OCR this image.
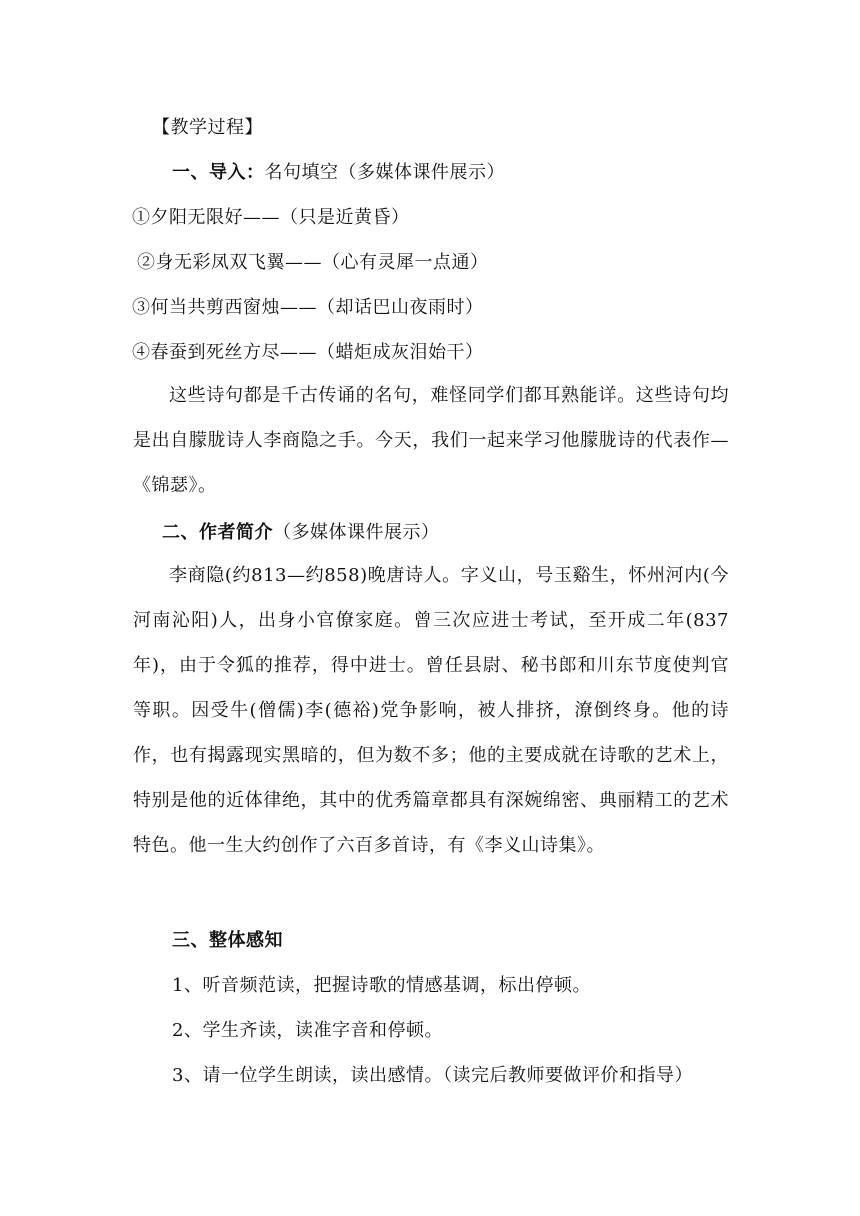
【教学过程】
一、导入：名句填空（多媒体课件展示）
①夕阳无限好——（只是近黄昏）
②身无彩凤双飞翼——（心有灵犀一点通）
③何当共剪西窗烛——（却话巴山夜雨时）
④春蚕到死丝方尽——（蜡炬成灰泪始干）
这些诗句都是千古传诵的名句，难怪同学们都耳熟能详。这些诗句均是出自朦胧诗人李商隐之手。今天，我们一起来学习他朦胧诗的代表作—《锦瑟》。
二、作者简介（多媒体课件展示）
李商隐(约813—约858)晚唐诗人。字义山，号玉谿生，怀州河内(今河南沁阳)人，出身小官僚家庭。曾三次应进士考试，至开成二年(837年)，由于令狐的推荐，得中进士。曾任县尉、秘书郎和川东节度使判官等职。因受牛(僧儒)李(德裕)党争影响，被人排挤，潦倒终身。他的诗作，也有揭露现实黑暗的，但为数不多；他的主要成就在诗歌的艺术上，特别是他的近体律绝，其中的优秀篇章都具有深婉绵密、典丽精工的艺术特色。他一生大约创作了六百多首诗，有《李义山诗集》。
三、整体感知
1、听音频范读，把握诗歌的情感基调，标出停顿。
2、学生齐读，读准字音和停顿。
3、请一位学生朗读，读出感情。（读完后教师要做评价和指导）
